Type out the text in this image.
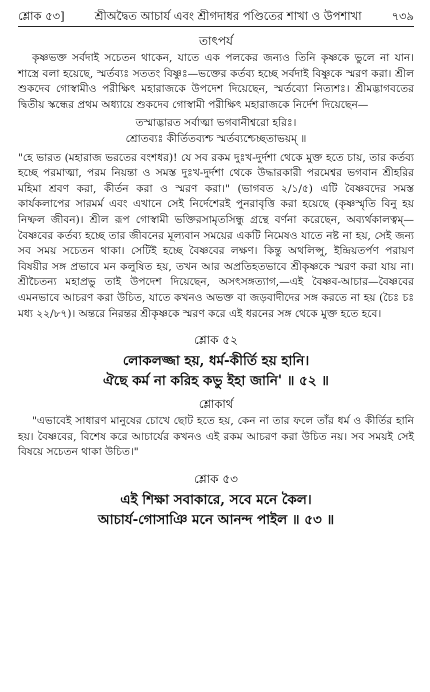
শ্লোক ৫৩]	শ্রীঅদ্বৈত আচার্য এবং শ্রীগদাধর পণ্ডিতের শাখা ও উপশাখা	৭৩৯
তাৎপর্য

কৃষ্ণভক্ত সর্বদাই সচেতন থাকেন, যাতে এক পলকের জন্যও তিনি কৃষ্ণকে ভুলে না যান। শাস্ত্রে বলা হয়েছে, স্মর্তব্যঃ সততং বিষ্ণুঃ—ভক্তের কর্তব্য হচ্ছে সর্বদাই বিষ্ণুকে স্মরণ করা। শ্রীল শুকদেব গোস্বামীও পরীক্ষিৎ মহারাজকে উপদেশ দিয়েছেন, স্মর্তব্যো নিত্যশঃ। শ্রীমদ্ভাগবতের দ্বিতীয় স্কন্ধের প্রথম অধ্যায়ে শুকদেব গোস্বামী পরীক্ষিৎ মহারাজকে নির্দেশ দিয়েছেন—

তস্মাদ্ভারত সর্বাত্মা ভগবানীশ্বরো হরিঃ।
শ্রোতব্যঃ কীর্তিতব্যশ্চ স্মর্তব্যশ্চেচ্ছতাভয়ম্ ॥

"হে ভারত (মহারাজ ভরতের বংশধর)! যে সব রকম দুঃখ-দুর্দশা থেকে মুক্ত হতে চায়, তার কর্তব্য হচ্ছে পরমাত্মা, পরম নিয়ন্তা ও সমস্ত দুঃখ-দুর্দশা থেকে উদ্ধারকারী পরমেশ্বর ভগবান শ্রীহরির মহিমা শ্রবণ করা, কীর্তন করা ও স্মরণ করা।" (ভাগবত ২/১/৫) এটি বৈষ্ণবদের সমস্ত কার্যকলাপের সারমর্ম এবং এখানে সেই নির্দেশেরই পুনরাবৃত্তি করা হয়েছে (কৃষ্ণস্মৃতি বিনু হয় নিষ্ফল জীবন)। শ্রীল রূপ গোস্বামী ভক্তিরসামৃতসিন্ধু গ্রন্থে বর্ণনা করেছেন, অব্যর্থকালত্বম্—বৈষ্ণবের কর্তব্য হচ্ছে তার জীবনের মূল্যবান সময়ের একটি নিমেষও যাতে নষ্ট না হয়, সেই জন্য সব সময় সচেতন থাকা। সেটিই হচ্ছে বৈষ্ণবের লক্ষণ। কিন্তু অথলিপ্সু, ইন্দ্রিয়তর্পণ পরায়ণ বিষয়ীর সঙ্গ প্রভাবে মন কলুষিত হয়, তখন আর অপ্রতিহতভাবে শ্রীকৃষ্ণকে স্মরণ করা যায় না। শ্রীচৈতন্য মহাপ্রভু তাই উপদেশ দিয়েছেন, অসৎসঙ্গত্যাগ,—এই বৈষ্ণব-আচার—বৈষ্ণবের এমনভাবে আচরণ করা উচিত, যাতে কখনও অভক্ত বা জড়বাদীদের সঙ্গ করতে না হয় (চৈঃ চঃ মধ্য ২২/৮৭)। অন্তরে নিরন্তর শ্রীকৃষ্ণকে স্মরণ করে এই ধরনের সঙ্গ থেকে মুক্ত হতে হবে।

শ্লোক ৫২
লোকলজ্জা হয়, ধর্ম-কীর্তি হয় হানি।
ঐছে কর্ম না করিহ কভু ইহা জানি' ॥ ৫২ ॥
শ্লোকার্থ

"এভাবেই সাধারণ মানুষের চোখে ছোট হতে হয়, কেন না তার ফলে তাঁর ধর্ম ও কীর্তির হানি হয়। বৈষ্ণবের, বিশেষ করে আচার্যের কখনও এই রকম আচরণ করা উচিত নয়। সব সময়ই সেই বিষয়ে সচেতন থাকা উচিত।"

শ্লোক ৫৩
এই শিক্ষা সবাকারে, সবে মনে কৈল।
আচার্য-গোসাঞি মনে আনন্দ পাইল ॥ ৫৩ ॥
